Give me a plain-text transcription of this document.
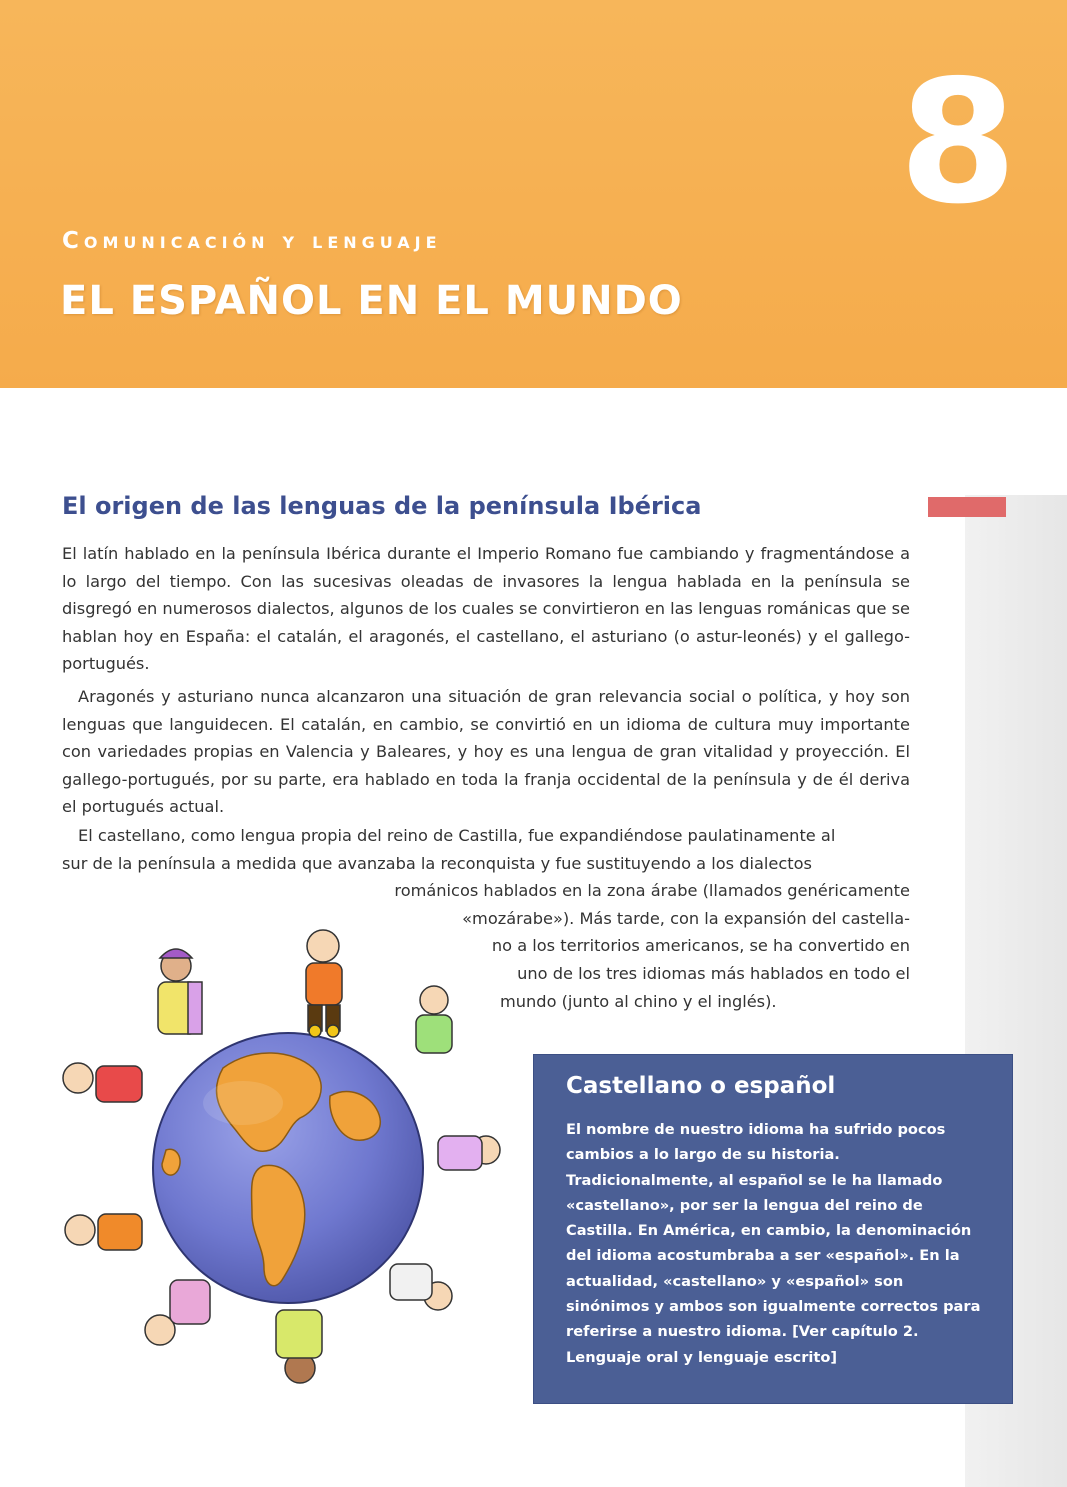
8
Comunicación y lenguaje
EL ESPAÑOL EN EL MUNDO
El origen de las lenguas de la península Ibérica

El latín hablado en la península Ibérica durante el Imperio Romano fue cambiando y fragmentándose a lo largo del tiempo. Con las sucesivas oleadas de invasores la lengua hablada en la península se disgregó en numerosos dialectos, algunos de los cuales se convirtieron en las lenguas románicas que se hablan hoy en España: el catalán, el aragonés, el castellano, el asturiano (o astur-leonés) y el gallego-portugués.

Aragonés y asturiano nunca alcanzaron una situación de gran relevancia social o política, y hoy son lenguas que languidecen. El catalán, en cambio, se convirtió en un idioma de cultura muy importante con variedades propias en Valencia y Baleares, y hoy es una lengua de gran vitalidad y proyección. El gallego-portugués, por su parte, era hablado en toda la franja occidental de la península y de él deriva el portugués actual.

El castellano, como lengua propia del reino de Castilla, fue expandiéndose paulatinamente al
sur de la península a medida que avanzaba la reconquista y fue sustituyendo a los dialectos
románicos hablados en la zona árabe (llamados genéricamente
«mozárabe»). Más tarde, con la expansión del castella-
no a los territorios americanos, se ha convertido en
uno de los tres idiomas más hablados en todo el
mundo (junto al chino y el inglés).

Castellano o español

El nombre de nuestro idioma ha sufrido pocos cambios a lo largo de su historia. Tradicionalmente, al español se le ha llamado «castellano», por ser la lengua del reino de Castilla. En América, en cambio, la denominación del idioma acostumbraba a ser «español». En la actualidad, «castellano» y «español» son sinónimos y ambos son igualmente correctos para referirse a nuestro idioma. [Ver capítulo 2. Lenguaje oral y lenguaje escrito]
